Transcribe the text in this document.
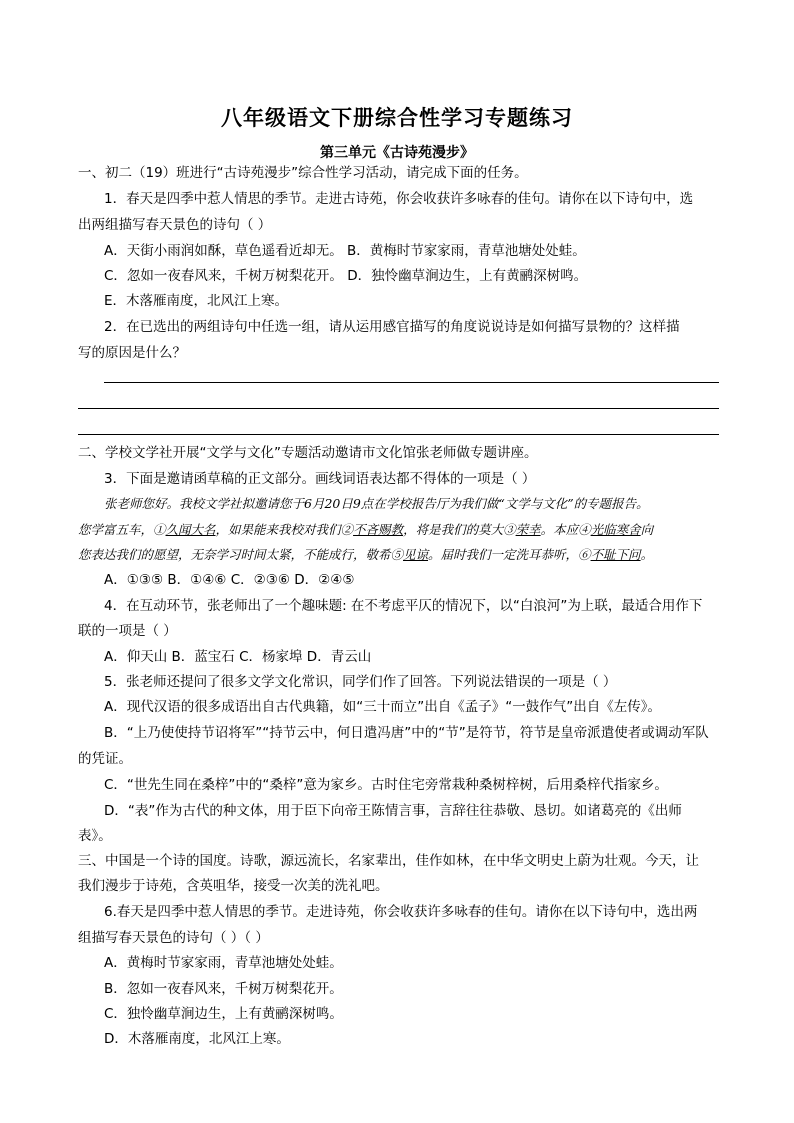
八年级语文下册综合性学习专题练习
第三单元《古诗苑漫步》
一、初二（19）班进行“古诗苑漫步”综合性学习活动，请完成下面的任务。
1．春天是四季中惹人情思的季节。走进古诗苑，你会收获许多咏春的佳句。请你在以下诗句中，选
出两组描写春天景色的诗句（ ）
A．天街小雨润如酥，草色遥看近却无。 B．黄梅时节家家雨，青草池塘处处蛙。
C．忽如一夜春风来，千树万树梨花开。 D．独怜幽草涧边生，上有黄鹂深树鸣。
E．木落雁南度，北风江上寒。
2．在已选出的两组诗句中任选一组，请从运用感官描写的角度说说诗是如何描写景物的？这样描
写的原因是什么？
二、学校文学社开展“文学与文化”专题活动邀请市文化馆张老师做专题讲座。
3．下面是邀请函草稿的正文部分。画线词语表达都不得体的一项是（ ）
张老师您好。我校文学社拟邀请您于6月20日9点在学校报告厅为我们做“文学与文化”的专题报告。
您学富五车，①久闻大名，如果能来我校对我们②不吝赐教，将是我们的莫大③荣幸。本应④光临寒舍向
您表达我们的愿望，无奈学习时间太紧，不能成行，敬希⑤见谅。届时我们一定洗耳恭听，⑥不耻下问。
A．①③⑤ B．①④⑥ C．②③⑥ D．②④⑤
4．在互动环节，张老师出了一个趣味题: 在不考虑平仄的情况下，以“白浪河”为上联，最适合用作下
联的一项是（ ）
A．仰天山 B．蓝宝石 C．杨家埠 D．青云山
5．张老师还提问了很多文学文化常识，同学们作了回答。下列说法错误的一项是（ ）
A．现代汉语的很多成语出自古代典籍，如“三十而立”出自《孟子》“一鼓作气”出自《左传》。
B．“上乃使使持节诏将军”“持节云中，何日遣冯唐”中的“节”是符节，符节是皇帝派遣使者或调动军队
的凭证。
C．“世先生同在桑梓”中的“桑梓”意为家乡。古时住宅旁常栽种桑树梓树，后用桑梓代指家乡。
D．“表”作为古代的种文体，用于臣下向帝王陈情言事，言辞往往恭敬、恳切。如诸葛亮的《出师
表》。
三、中国是一个诗的国度。诗歌，源远流长，名家辈出，佳作如林，在中华文明史上蔚为壮观。今天，让
我们漫步于诗苑，含英咀华，接受一次美的洗礼吧。
6.春天是四季中惹人情思的季节。走进诗苑，你会收获许多咏春的佳句。请你在以下诗句中，选出两
组描写春天景色的诗句（ ）（ ）
A．黄梅时节家家雨，青草池塘处处蛙。
B．忽如一夜春风来，千树万树梨花开。
C．独怜幽草涧边生，上有黄鹂深树鸣。
D．木落雁南度，北风江上寒。
